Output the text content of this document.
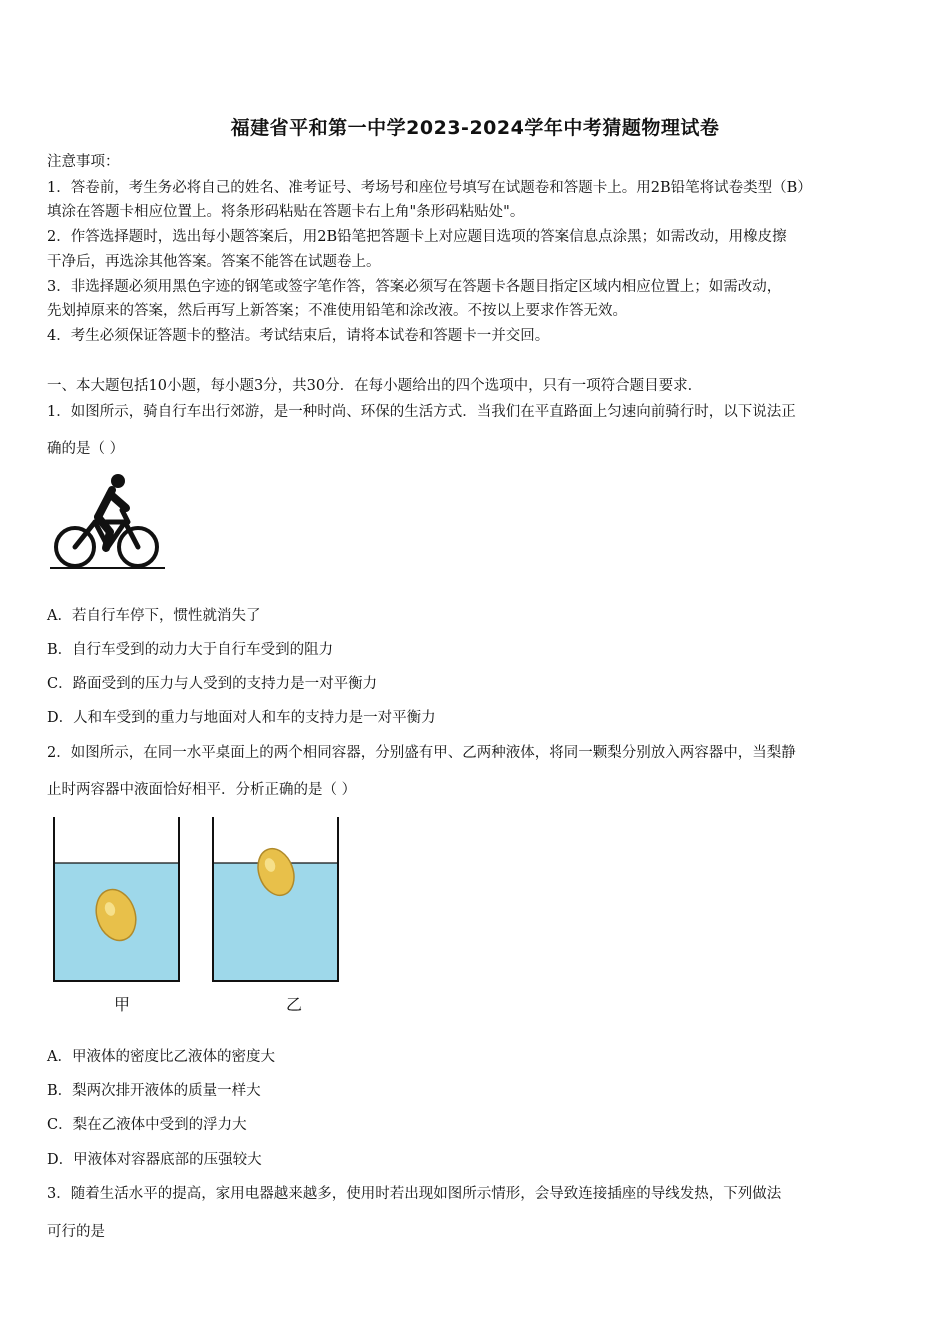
福建省平和第一中学2023-2024学年中考猜题物理试卷
注意事项：
1．答卷前，考生务必将自己的姓名、准考证号、考场号和座位号填写在试题卷和答题卡上。用2B铅笔将试卷类型（B）
填涂在答题卡相应位置上。将条形码粘贴在答题卡右上角"条形码粘贴处"。
2．作答选择题时，选出每小题答案后，用2B铅笔把答题卡上对应题目选项的答案信息点涂黑；如需改动，用橡皮擦
干净后，再选涂其他答案。答案不能答在试题卷上。
3．非选择题必须用黑色字迹的钢笔或签字笔作答，答案必须写在答题卡各题目指定区域内相应位置上；如需改动，
先划掉原来的答案，然后再写上新答案；不准使用铅笔和涂改液。不按以上要求作答无效。
4．考生必须保证答题卡的整洁。考试结束后，请将本试卷和答题卡一并交回。
一、本大题包括10小题，每小题3分，共30分．在每小题给出的四个选项中，只有一项符合题目要求．
1．如图所示，骑自行车出行郊游，是一种时尚、环保的生活方式．当我们在平直路面上匀速向前骑行时，以下说法正
确的是（ ）
A．若自行车停下，惯性就消失了
B．自行车受到的动力大于自行车受到的阻力
C．路面受到的压力与人受到的支持力是一对平衡力
D．人和车受到的重力与地面对人和车的支持力是一对平衡力
2．如图所示，在同一水平桌面上的两个相同容器，分别盛有甲、乙两种液体，将同一颗梨分别放入两容器中，当梨静
止时两容器中液面恰好相平．分析正确的是（ ）
甲	乙
A．甲液体的密度比乙液体的密度大
B．梨两次排开液体的质量一样大
C．梨在乙液体中受到的浮力大
D．甲液体对容器底部的压强较大
3．随着生活水平的提高，家用电器越来越多，使用时若出现如图所示情形，会导致连接插座的导线发热，下列做法
可行的是
